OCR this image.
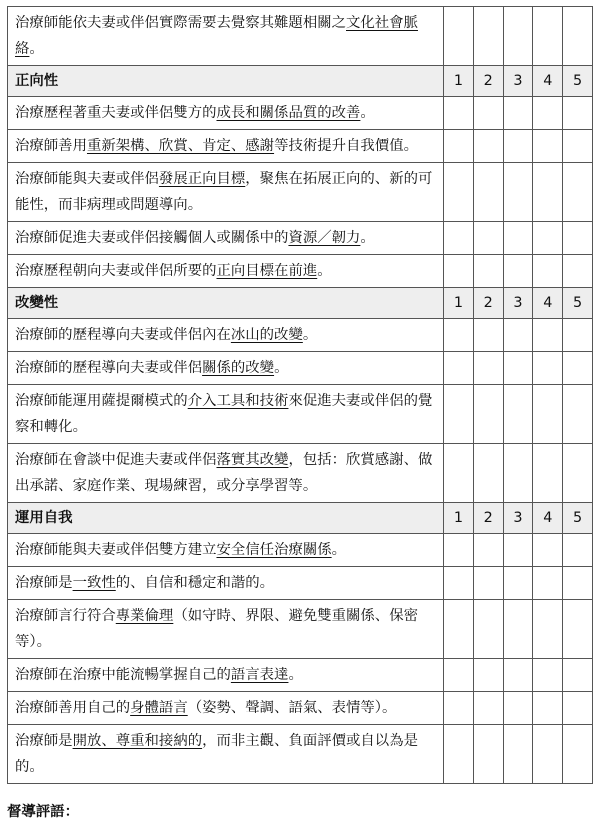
治療師能依夫妻或伴侶實際需要去覺察其難題相關之文化社會脈絡。					
正向性	1	2	3	4	5
治療歷程著重夫妻或伴侶雙方的成長和關係品質的改善。					
治療師善用重新架構、欣賞、肯定、感謝等技術提升自我價值。					
治療師能與夫妻或伴侶發展正向目標，聚焦在拓展正向的、新的可能性，而非病理或問題導向。					
治療師促進夫妻或伴侶接觸個人或關係中的資源／韌力。					
治療歷程朝向夫妻或伴侶所要的正向目標在前進。					
改變性	1	2	3	4	5
治療師的歷程導向夫妻或伴侶內在冰山的改變。					
治療師的歷程導向夫妻或伴侶關係的改變。					
治療師能運用薩提爾模式的介入工具和技術來促進夫妻或伴侶的覺察和轉化。					
治療師在會談中促進夫妻或伴侶落實其改變，包括：欣賞感謝、做出承諾、家庭作業、現場練習，或分享學習等。					
運用自我	1	2	3	4	5
治療師能與夫妻或伴侶雙方建立安全信任治療關係。					
治療師是一致性的、自信和穩定和諧的。					
治療師言行符合專業倫理（如守時、界限、避免雙重關係、保密等）。					
治療師在治療中能流暢掌握自己的語言表達。					
治療師善用自己的身體語言（姿勢、聲調、語氣、表情等）。					
治療師是開放、尊重和接納的，而非主觀、負面評價或自以為是的。					
督導評語：
